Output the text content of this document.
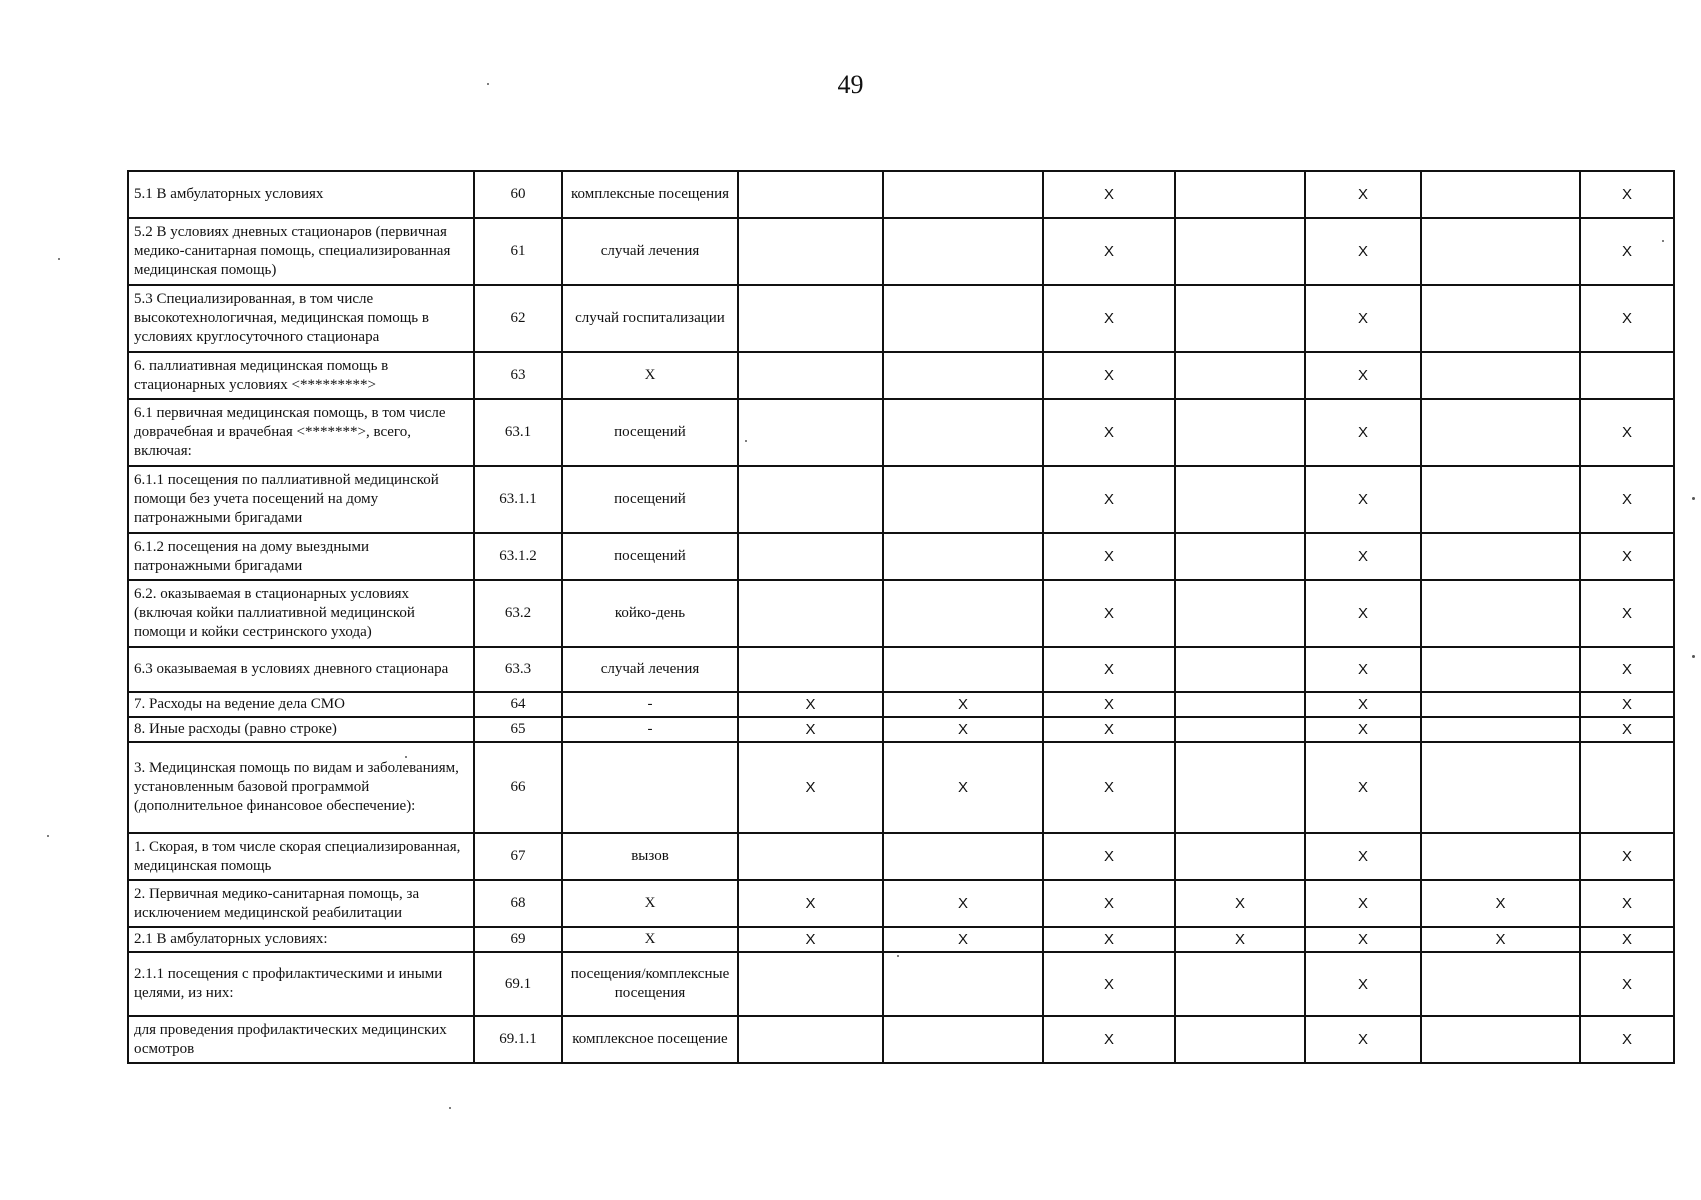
49
5.1 В амбулаторных условиях	60	комплексные посещения			Х		Х		Х
5.2 В условиях дневных стационаров (первичная медико-санитарная помощь, специализированная медицинская помощь)	61	случай лечения			Х		Х		Х
5.3 Специализированная, в том числе высокотехнологичная, медицинская помощь в условиях круглосуточного стационара	62	случай госпитализации			Х		Х		Х
6. паллиативная медицинская помощь в стационарных условиях <*********>	63	Х			Х		Х		
6.1 первичная медицинская помощь, в том числе доврачебная и врачебная <*******>, всего, включая:	63.1	посещений			Х		Х		Х
6.1.1 посещения по паллиативной медицинской помощи без учета посещений на дому патронажными бригадами	63.1.1	посещений			Х		Х		Х
6.1.2 посещения на дому выездными патронажными бригадами	63.1.2	посещений			Х		Х		Х
6.2. оказываемая в стационарных условиях (включая койки паллиативной медицинской помощи и койки сестринского ухода)	63.2	койко-день			Х		Х		Х
6.3 оказываемая в условиях дневного стационара	63.3	случай лечения			Х		Х		Х
7. Расходы на ведение дела СМО	64	-	Х	Х	Х		Х		Х
8. Иные расходы (равно строке)	65	-	Х	Х	Х		Х		Х
3. Медицинская помощь по видам и заболеваниям, установленным базовой программой (дополнительное финансовое обеспечение):	66		Х	Х	Х		Х		
1. Скорая, в том числе скорая специализированная, медицинская помощь	67	вызов			Х		Х		Х
2. Первичная медико-санитарная помощь, за исключением медицинской реабилитации	68	Х	Х	Х	Х	Х	Х	Х	Х
2.1 В амбулаторных условиях:	69	Х	Х	Х	Х	Х	Х	Х	Х
2.1.1 посещения с профилактическими и иными целями, из них:	69.1	посещения/комплексные посещения			Х		Х		Х
для проведения профилактических медицинских осмотров	69.1.1	комплексное посещение			Х		Х		Х
